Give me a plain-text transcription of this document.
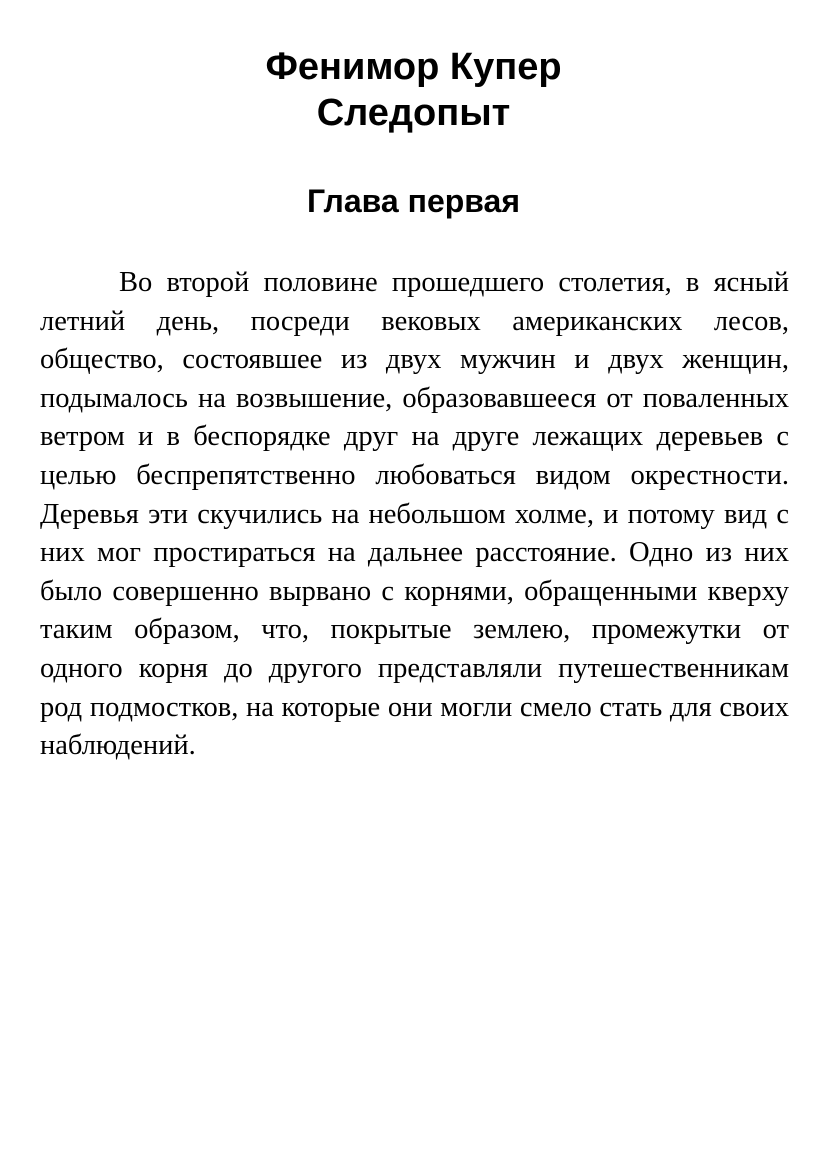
Фенимор Купер
Следопыт
Глава первая

Во второй половине прошедшего столетия, в ясный летний день, посреди вековых американских лесов, общество, состоявшее из двух мужчин и двух женщин, подымалось на возвышение, образовавшееся от поваленных ветром и в беспорядке друг на друге лежащих деревьев с целью беспрепятственно любоваться видом окрестности. Деревья эти скучились на небольшом холме, и потому вид с них мог простираться на дальнее расстояние. Одно из них было совершенно вырвано с корнями, обращенными кверху таким образом, что, покрытые землею, промежутки от одного корня до другого представляли путешественникам род подмостков, на которые они могли смело стать для своих наблюдений.
